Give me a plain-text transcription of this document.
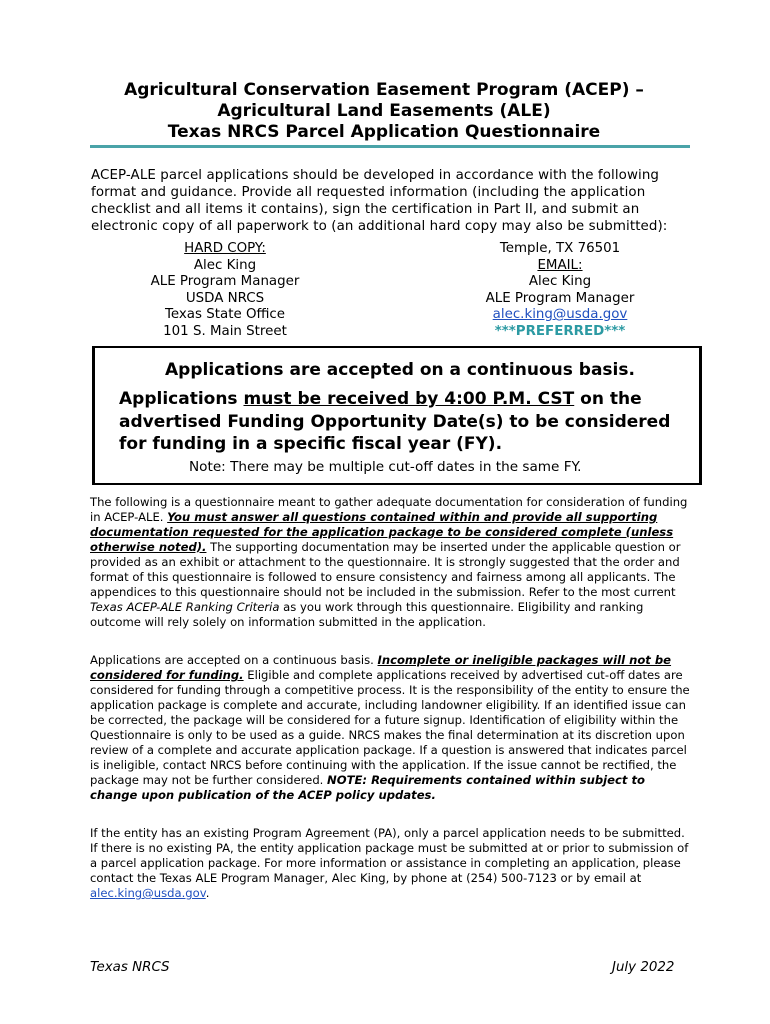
Agricultural Conservation Easement Program (ACEP) –
Agricultural Land Easements (ALE)
Texas NRCS Parcel Application Questionnaire
ACEP-ALE parcel applications should be developed in accordance with the following format and guidance. Provide all requested information (including the application checklist and all items it contains), sign the certification in Part II, and submit an electronic copy of all paperwork to (an additional hard copy may also be submitted):
HARD COPY:
Alec King
ALE Program Manager
USDA NRCS
Texas State Office
101 S. Main Street
Temple, TX 76501
EMAIL:
Alec King
ALE Program Manager
alec.king@usda.gov
***PREFERRED***
Applications are accepted on a continuous basis.
Applications must be received by 4:00 P.M. CST on the advertised Funding Opportunity Date(s) to be considered for funding in a specific fiscal year (FY).
Note: There may be multiple cut-off dates in the same FY.
The following is a questionnaire meant to gather adequate documentation for consideration of funding in ACEP-ALE. You must answer all questions contained within and provide all supporting documentation requested for the application package to be considered complete (unless otherwise noted). The supporting documentation may be inserted under the applicable question or provided as an exhibit or attachment to the questionnaire. It is strongly suggested that the order and format of this questionnaire is followed to ensure consistency and fairness among all applicants. The appendices to this questionnaire should not be included in the submission. Refer to the most current Texas ACEP-ALE Ranking Criteria as you work through this questionnaire. Eligibility and ranking outcome will rely solely on information submitted in the application.
Applications are accepted on a continuous basis. Incomplete or ineligible packages will not be considered for funding. Eligible and complete applications received by advertised cut-off dates are considered for funding through a competitive process. It is the responsibility of the entity to ensure the application package is complete and accurate, including landowner eligibility. If an identified issue can be corrected, the package will be considered for a future signup. Identification of eligibility within the Questionnaire is only to be used as a guide. NRCS makes the final determination at its discretion upon review of a complete and accurate application package. If a question is answered that indicates parcel is ineligible, contact NRCS before continuing with the application. If the issue cannot be rectified, the package may not be further considered. NOTE: Requirements contained within subject to change upon publication of the ACEP policy updates.
If the entity has an existing Program Agreement (PA), only a parcel application needs to be submitted. If there is no existing PA, the entity application package must be submitted at or prior to submission of a parcel application package. For more information or assistance in completing an application, please contact the Texas ALE Program Manager, Alec King, by phone at (254) 500-7123 or by email at alec.king@usda.gov.
Texas NRCS	July 2022
